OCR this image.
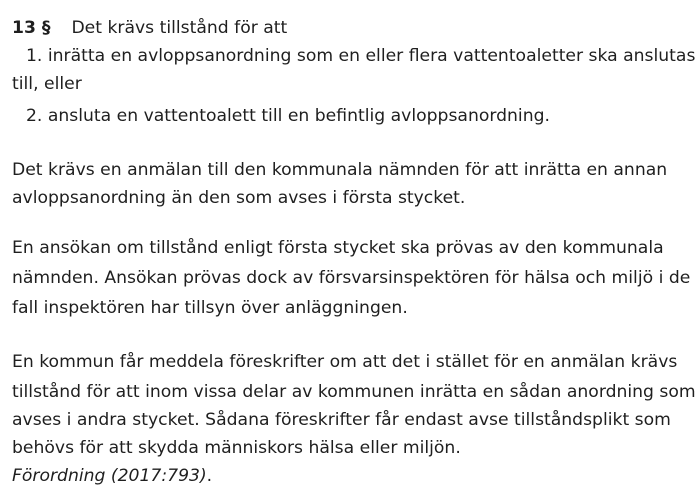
13 § Det krävs tillstånd för att
1. inrätta en avloppsanordning som en eller flera vattentoaletter ska anslutas
till, eller
2. ansluta en vattentoalett till en befintlig avloppsanordning.
Det krävs en anmälan till den kommunala nämnden för att inrätta en annan
avloppsanordning än den som avses i första stycket.
En ansökan om tillstånd enligt första stycket ska prövas av den kommunala
nämnden. Ansökan prövas dock av försvarsinspektören för hälsa och miljö i de
fall inspektören har tillsyn över anläggningen.
En kommun får meddela föreskrifter om att det i stället för en anmälan krävs
tillstånd för att inom vissa delar av kommunen inrätta en sådan anordning som
avses i andra stycket. Sådana föreskrifter får endast avse tillståndsplikt som
behövs för att skydda människors hälsa eller miljön.
Förordning (2017:793).
